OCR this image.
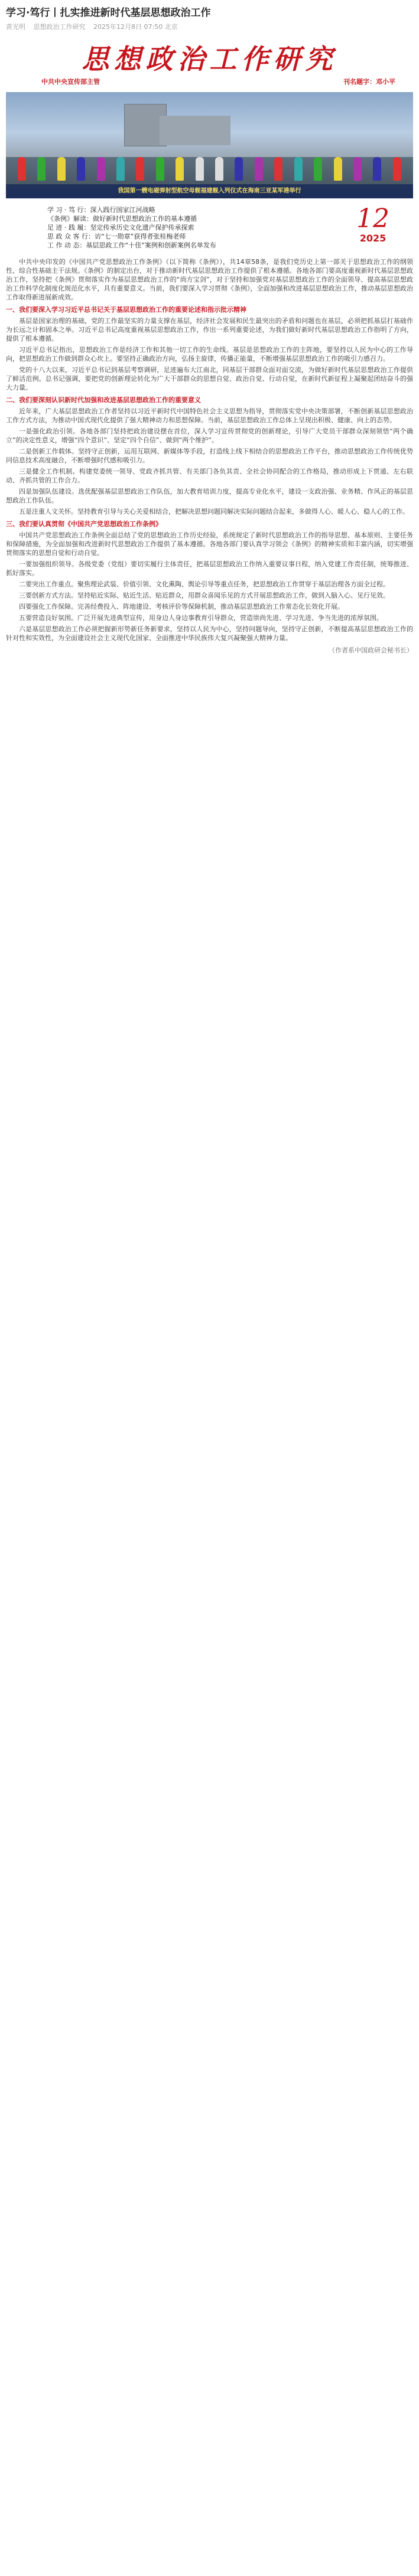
学习·笃行丨扎实推进新时代基层思想政治工作
黄光明 思想政治工作研究 2025年12月8日 07:50 北京
思想政治工作研究
中共中央宣传部主管	刊名题字：邓小平
我国第一艘电磁弹射型航空母舰福建舰入列仪式在海南三亚某军港举行
学 习 · 笃 行：深入践行国家江河战略
《条例》解读：做好新时代思想政治工作的基本遵循
足 迹 · 践 履：坚定传承历史文化遗产保护传承探索
思 政 众 客 行：访“七一勋章”获得者张桂梅老师
工 作 动 态：基层思政工作“十佳”案例和创新案例名单发布
12
2025

中共中央印发的《中国共产党思想政治工作条例》（以下简称《条例》），共14章58条，是我们党历史上第一部关于思想政治工作的纲领性、综合性基础主干法规。《条例》的制定出台，对于推动新时代基层思想政治工作提供了根本遵循。各地各部门要高度重视新时代基层思想政治工作，坚持把《条例》贯彻落实作为基层思想政治工作的“尚方宝剑”，对于坚持和加强党对基层思想政治工作的全面领导、提高基层思想政治工作科学化制度化规范化水平，具有重要意义。当前，我们要深入学习贯彻《条例》，全面加强和改进基层思想政治工作，推动基层思想政治工作取得新进展新成效。

一、我们要深入学习习近平总书记关于基层思想政治工作的重要论述和指示批示精神

基层是国家治理的基础，党的工作最坚实的力量支撑在基层，经济社会发展和民生最突出的矛盾和问题也在基层，必须把抓基层打基础作为长远之计和固本之举。习近平总书记高度重视基层思想政治工作，作出一系列重要论述，为我们做好新时代基层思想政治工作指明了方向，提供了根本遵循。

习近平总书记指出，思想政治工作是经济工作和其他一切工作的生命线。基层是思想政治工作的主阵地，要坚持以人民为中心的工作导向，把思想政治工作做到群众心坎上。要坚持正确政治方向，弘扬主旋律，传播正能量，不断增强基层思想政治工作的吸引力感召力。

党的十八大以来，习近平总书记到基层考察调研，足迹遍布大江南北，同基层干部群众面对面交流，为做好新时代基层思想政治工作提供了鲜活范例。总书记强调，要把党的创新理论转化为广大干部群众的思想自觉、政治自觉、行动自觉，在新时代新征程上凝聚起团结奋斗的强大力量。

二、我们要深刻认识新时代加强和改进基层思想政治工作的重要意义

近年来，广大基层思想政治工作者坚持以习近平新时代中国特色社会主义思想为指导，贯彻落实党中央决策部署，不断创新基层思想政治工作方式方法，为推动中国式现代化提供了强大精神动力和思想保障。当前，基层思想政治工作总体上呈现出积极、健康、向上的态势。

一是强化政治引领。各地各部门坚持把政治建设摆在首位，深入学习宣传贯彻党的创新理论，引导广大党员干部群众深刻领悟“两个确立”的决定性意义，增强“四个意识”、坚定“四个自信”、做到“两个维护”。

二是创新工作载体。坚持守正创新，运用互联网、新媒体等手段，打造线上线下相结合的思想政治工作平台，推动思想政治工作传统优势同信息技术高度融合，不断增强时代感和吸引力。

三是健全工作机制。构建党委统一领导、党政齐抓共管、有关部门各负其责、全社会协同配合的工作格局，推动形成上下贯通、左右联动、齐抓共管的工作合力。

四是加强队伍建设。选优配强基层思想政治工作队伍，加大教育培训力度，提高专业化水平，建设一支政治强、业务精、作风正的基层思想政治工作队伍。

五是注重人文关怀。坚持教育引导与关心关爱相结合，把解决思想问题同解决实际问题结合起来，多做得人心、暖人心、稳人心的工作。

三、我们要认真贯彻《中国共产党思想政治工作条例》

中国共产党思想政治工作条例全面总结了党的思想政治工作历史经验，系统规定了新时代思想政治工作的指导思想、基本原则、主要任务和保障措施，为全面加强和改进新时代思想政治工作提供了基本遵循。各地各部门要认真学习领会《条例》的精神实质和丰富内涵，切实增强贯彻落实的思想自觉和行动自觉。

一要加强组织领导。各级党委（党组）要切实履行主体责任，把基层思想政治工作纳入重要议事日程，纳入党建工作责任制，统筹推进、抓好落实。

二要突出工作重点。聚焦理论武装、价值引领、文化熏陶、舆论引导等重点任务，把思想政治工作贯穿于基层治理各方面全过程。

三要创新方式方法。坚持贴近实际、贴近生活、贴近群众，用群众喜闻乐见的方式开展思想政治工作，做到入脑入心、见行见效。

四要强化工作保障。完善经费投入、阵地建设、考核评价等保障机制，推动基层思想政治工作常态化长效化开展。

五要营造良好氛围。广泛开展先进典型宣传，用身边人身边事教育引导群众，营造崇尚先进、学习先进、争当先进的浓厚氛围。

六是基层思想政治工作必须把握新形势新任务新要求，坚持以人民为中心，坚持问题导向，坚持守正创新，不断提高基层思想政治工作的针对性和实效性，为全面建设社会主义现代化国家、全面推进中华民族伟大复兴凝聚强大精神力量。

（作者系中国政研会秘书长）
